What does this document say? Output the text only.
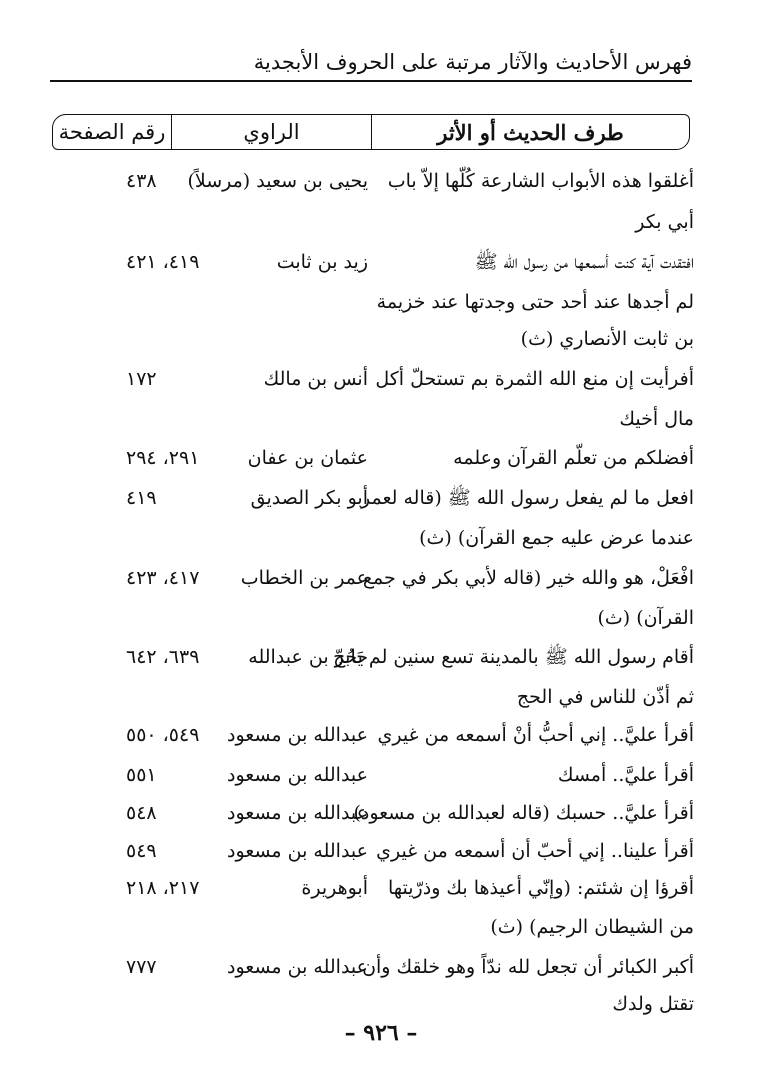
فهرس الأحاديث والآثار مرتبة على الحروف الأبجدية
طرف الحديث أو الأثر
الراوي
رقم الصفحة
أغلقوا هذه الأبواب الشارعة كُلّها إلاّ باب
يحيى بن سعيد (مرسلاً)
٤٣٨
أبي بكر
افتقدت آية كنت أسمعها من رسول الله ﷺ
زيد بن ثابت
٤١٩، ٤٢١
لم أجدها عند أحد حتى وجدتها عند خزيمة
بن ثابت الأنصاري (ث)
أفرأيت إن منع الله الثمرة بم تستحلّ أكل
أنس بن مالك
١٧٢
مال أخيك
أفضلكم من تعلّم القرآن وعلمه
عثمان بن عفان
٢٩١، ٢٩٤
افعل ما لم يفعل رسول الله ﷺ (قاله لعمر
أبو بكر الصديق
٤١٩
عندما عرض عليه جمع القرآن) (ث)
افْعَلْ، هو والله خير (قاله لأبي بكر في جمع
عمر بن الخطاب
٤١٧، ٤٢٣
القرآن) (ث)
أقام رسول الله ﷺ بالمدينة تسع سنين لم يَحُجّ
جابر بن عبدالله
٦٣٩، ٦٤٢
ثم أذّن للناس في الحج
أقرأ عليَّ.. إني أحبُّ أنْ أسمعه من غيري
عبدالله بن مسعود
٥٤٩، ٥٥٠
أقرأ عليَّ.. أمسك
عبدالله بن مسعود
٥٥١
أقرأ عليَّ.. حسبك (قاله لعبدالله بن مسعود)
عبدالله بن مسعود
٥٤٨
أقرأ علينا.. إني أحبّ أن أسمعه من غيري
عبدالله بن مسعود
٥٤٩
أقرؤا إن شئتم: (وإنّي أعيذها بك وذرّيتها
أبوهريرة
٢١٧، ٢١٨
من الشيطان الرجيم) (ث)
أكبر الكبائر أن تجعل لله ندّاً وهو خلقك وأن
عبدالله بن مسعود
٧٧٧
تقتل ولدك
– ٩٢٦ –
